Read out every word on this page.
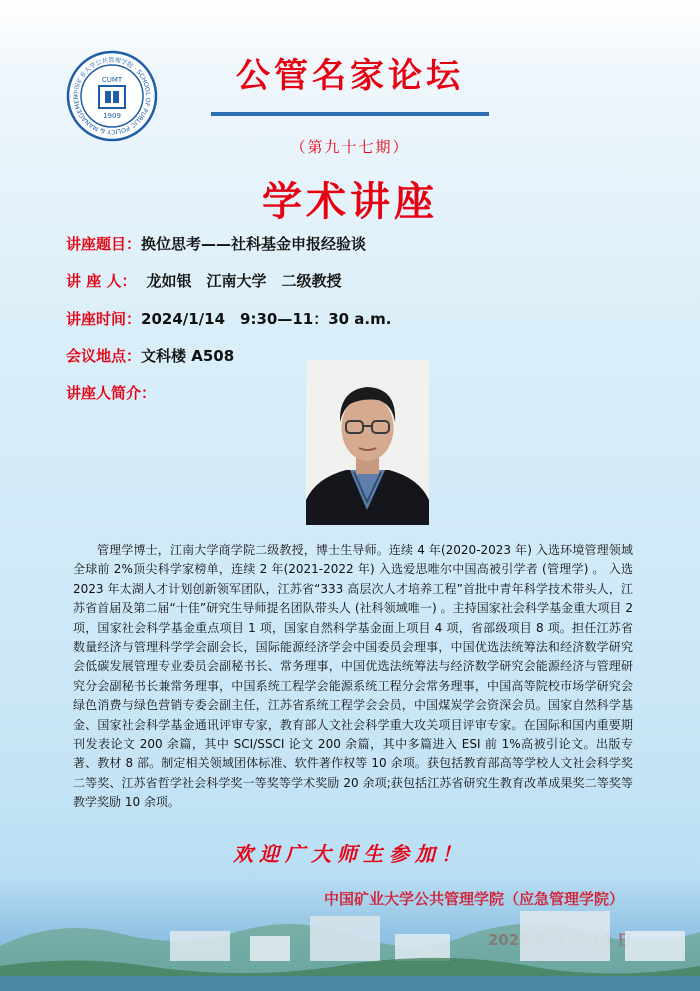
中国矿业大学公共管理学院 · SCHOOL OF PUBLIC POLICY & MANAGEMEN
CUMT
1909
公管名家论坛
（第九十七期）
学术讲座
讲座题目：换位思考——社科基金申报经验谈
讲 座 人： 龙如银　江南大学　二级教授
讲座时间：2024/1/14　9:30—11：30 a.m.
会议地点：文科楼 A508
讲座人简介：

管理学博士，江南大学商学院二级教授，博士生导师。连续 4 年(2020-2023 年) 入选环境管理领域全球前 2%顶尖科学家榜单，连续 2 年(2021-2022 年) 入选爱思唯尔中国高被引学者 (管理学) 。 入选 2023 年太湖人才计划创新领军团队，江苏省“333 高层次人才培养工程”首批中青年科学技术带头人，江苏省首届及第二届“十佳”研究生导师提名团队带头人 (社科领域唯一) 。主持国家社会科学基金重大项目 2 项，国家社会科学基金重点项目 1 项，国家自然科学基金面上项目 4 项，省部级项目 8 项。担任江苏省数量经济与管理科学学会副会长，国际能源经济学会中国委员会理事，中国优选法统筹法和经济数学研究会低碳发展管理专业委员会副秘书长、常务理事，中国优选法统筹法与经济数学研究会能源经济与管理研究分会副秘书长兼常务理事，中国系统工程学会能源系统工程分会常务理事，中国高等院校市场学研究会绿色消费与绿色营销专委会副主任，江苏省系统工程学会会员，中国煤炭学会资深会员。国家自然科学基金、国家社会科学基金通讯评审专家，教育部人文社会科学重大攻关项目评审专家。在国际和国内重要期刊发表论文 200 余篇，其中 SCI/SSCI 论文 200 余篇，其中多篇进入 ESI 前 1%高被引论文。出版专著、教材 8 部。制定相关领域团体标准、软件著作权等 10 余项。获包括教育部高等学校人文社会科学奖二等奖、江苏省哲学社会科学奖一等奖等学术奖励 20 余项;获包括江苏省研究生教育改革成果奖二等奖等教学奖励 10 余项。

欢迎广大师生参加！
